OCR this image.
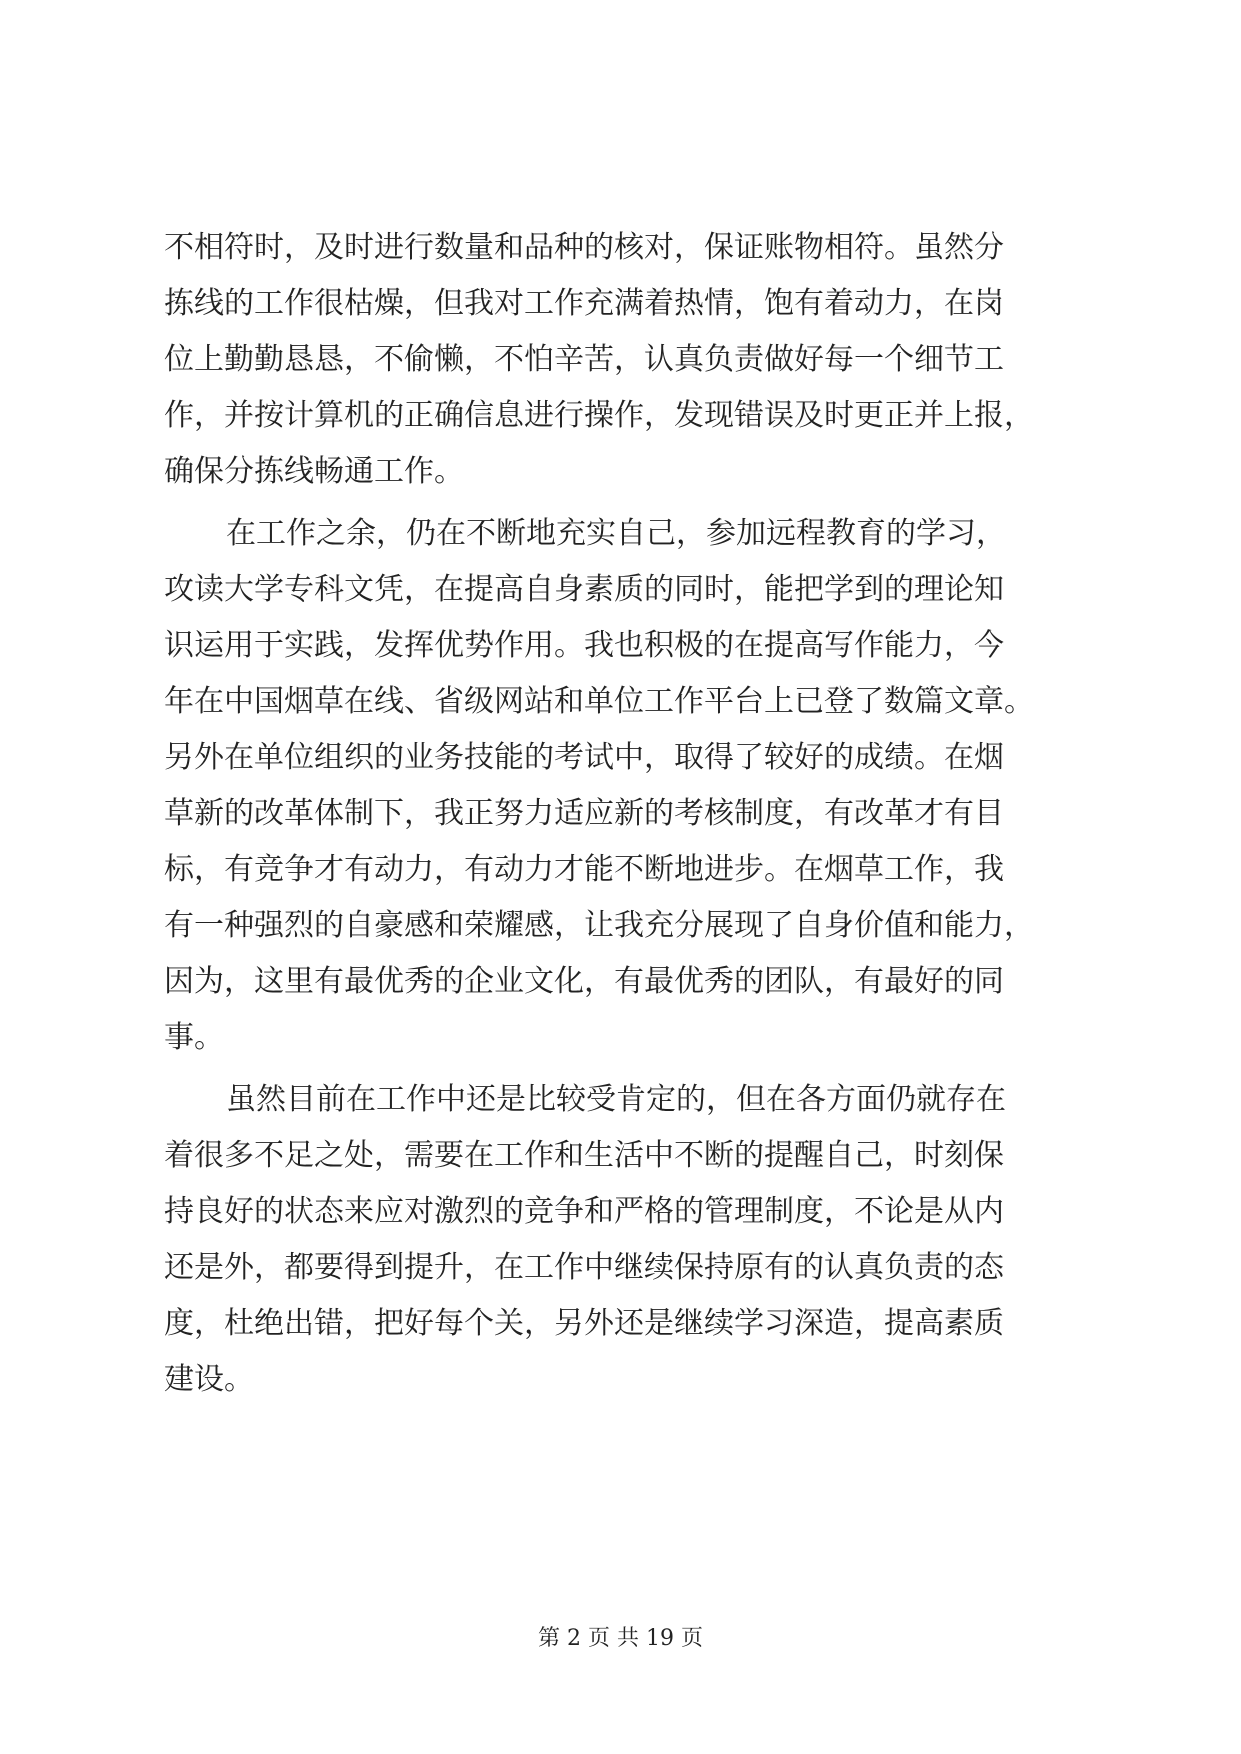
不相符时，及时进行数量和品种的核对，保证账物相符。虽然分
拣线的工作很枯燥，但我对工作充满着热情，饱有着动力，在岗
位上勤勤恳恳，不偷懒，不怕辛苦，认真负责做好每一个细节工
作，并按计算机的正确信息进行操作，发现错误及时更正并上报，
确保分拣线畅通工作。
在工作之余，仍在不断地充实自己，参加远程教育的学习，
攻读大学专科文凭，在提高自身素质的同时，能把学到的理论知
识运用于实践，发挥优势作用。我也积极的在提高写作能力，今
年在中国烟草在线、省级网站和单位工作平台上已登了数篇文章。
另外在单位组织的业务技能的考试中，取得了较好的成绩。在烟
草新的改革体制下，我正努力适应新的考核制度，有改革才有目
标，有竞争才有动力，有动力才能不断地进步。在烟草工作，我
有一种强烈的自豪感和荣耀感，让我充分展现了自身价值和能力，
因为，这里有最优秀的企业文化，有最优秀的团队，有最好的同
事。
虽然目前在工作中还是比较受肯定的，但在各方面仍就存在
着很多不足之处，需要在工作和生活中不断的提醒自己，时刻保
持良好的状态来应对激烈的竞争和严格的管理制度，不论是从内
还是外，都要得到提升，在工作中继续保持原有的认真负责的态
度，杜绝出错，把好每个关，另外还是继续学习深造，提高素质
建设。
第 2 页 共 19 页
